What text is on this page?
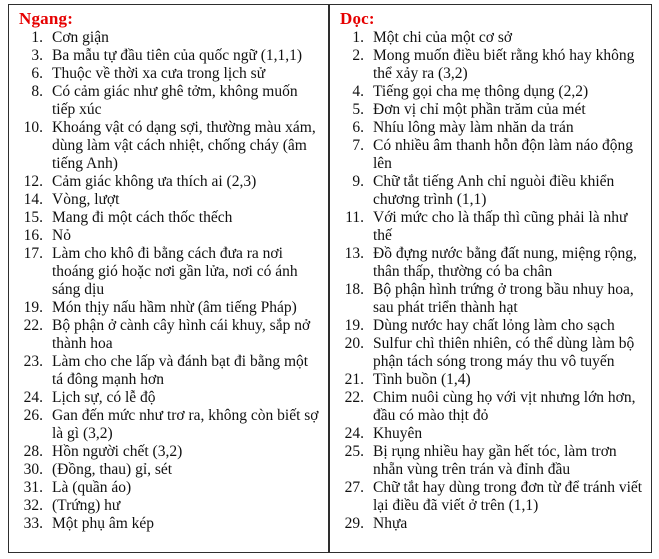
Ngang:
1. Cơn giận
3. Ba mẫu tự đầu tiên của quốc ngữ (1,1,1)
6. Thuộc về thời xa cưa trong lịch sử
8. Có cảm giác như ghê tởm, không muốn tiếp xúc
10. Khoáng vật có dạng sợi, thường màu xám, dùng làm vật cách nhiệt, chống cháy (âm tiếng Anh)
12. Cảm giác không ưa thích ai (2,3)
14. Vòng, lượt
15. Mang đi một cách thốc thếch
16. Nỏ
17. Làm cho khô đi bằng cách đưa ra nơi thoáng gió hoặc nơi gần lửa, nơi có ánh sáng dịu
19. Món thịy nấu hầm nhừ (âm tiếng Pháp)
22. Bộ phận ở cành cây hình cái khuy, sắp nở thành hoa
23. Làm cho che lấp và đánh bạt đi bằng một tá đông mạnh hơn
24. Lịch sự, có lễ độ
26. Gan đến mức như trơ ra, không còn biết sợ là gì (3,2)
28. Hồn người chết (3,2)
30. (Đồng, thau) gỉ, sét
31. Là (quần áo)
32. (Trứng) hư
33. Một phụ âm kép
Dọc:
1. Một chi của một cơ sở
2. Mong muốn điều biết rằng khó hay không thể xảy ra (3,2)
4. Tiếng gọi cha mẹ thông dụng (2,2)
5. Đơn vị chỉ một phần trăm của mét
6. Nhíu lông mày làm nhăn da trán
7. Có nhiều âm thanh hỗn độn làm náo động lên
9. Chữ tắt tiếng Anh chỉ nguòi điều khiển chương trình (1,1)
11. Với mức cho là thấp thì cũng phải là như thế
13. Đồ đựng nước bằng đất nung, miệng rộng, thân thấp, thường có ba chân
18. Bộ phận hình trứng ở trong bầu nhuy hoa, sau phát triển thành hạt
19. Dùng nước hay chất lỏng làm cho sạch
20. Sulfur chì thiên nhiên, có thể dùng làm bộ phận tách sóng trong máy thu vô tuyến
21. Tình buồn (1,4)
22. Chim nuôi cùng họ với vịt nhưng lớn hơn, đầu có mào thịt đỏ
24. Khuyên
25. Bị rụng nhiều hay gần hết tóc, làm trơn nhẵn vùng trên trán và đỉnh đầu
27. Chữ tắt hay dùng trong đơn từ để tránh viết lại điều đã viết ở trên (1,1)
29. Nhựa
